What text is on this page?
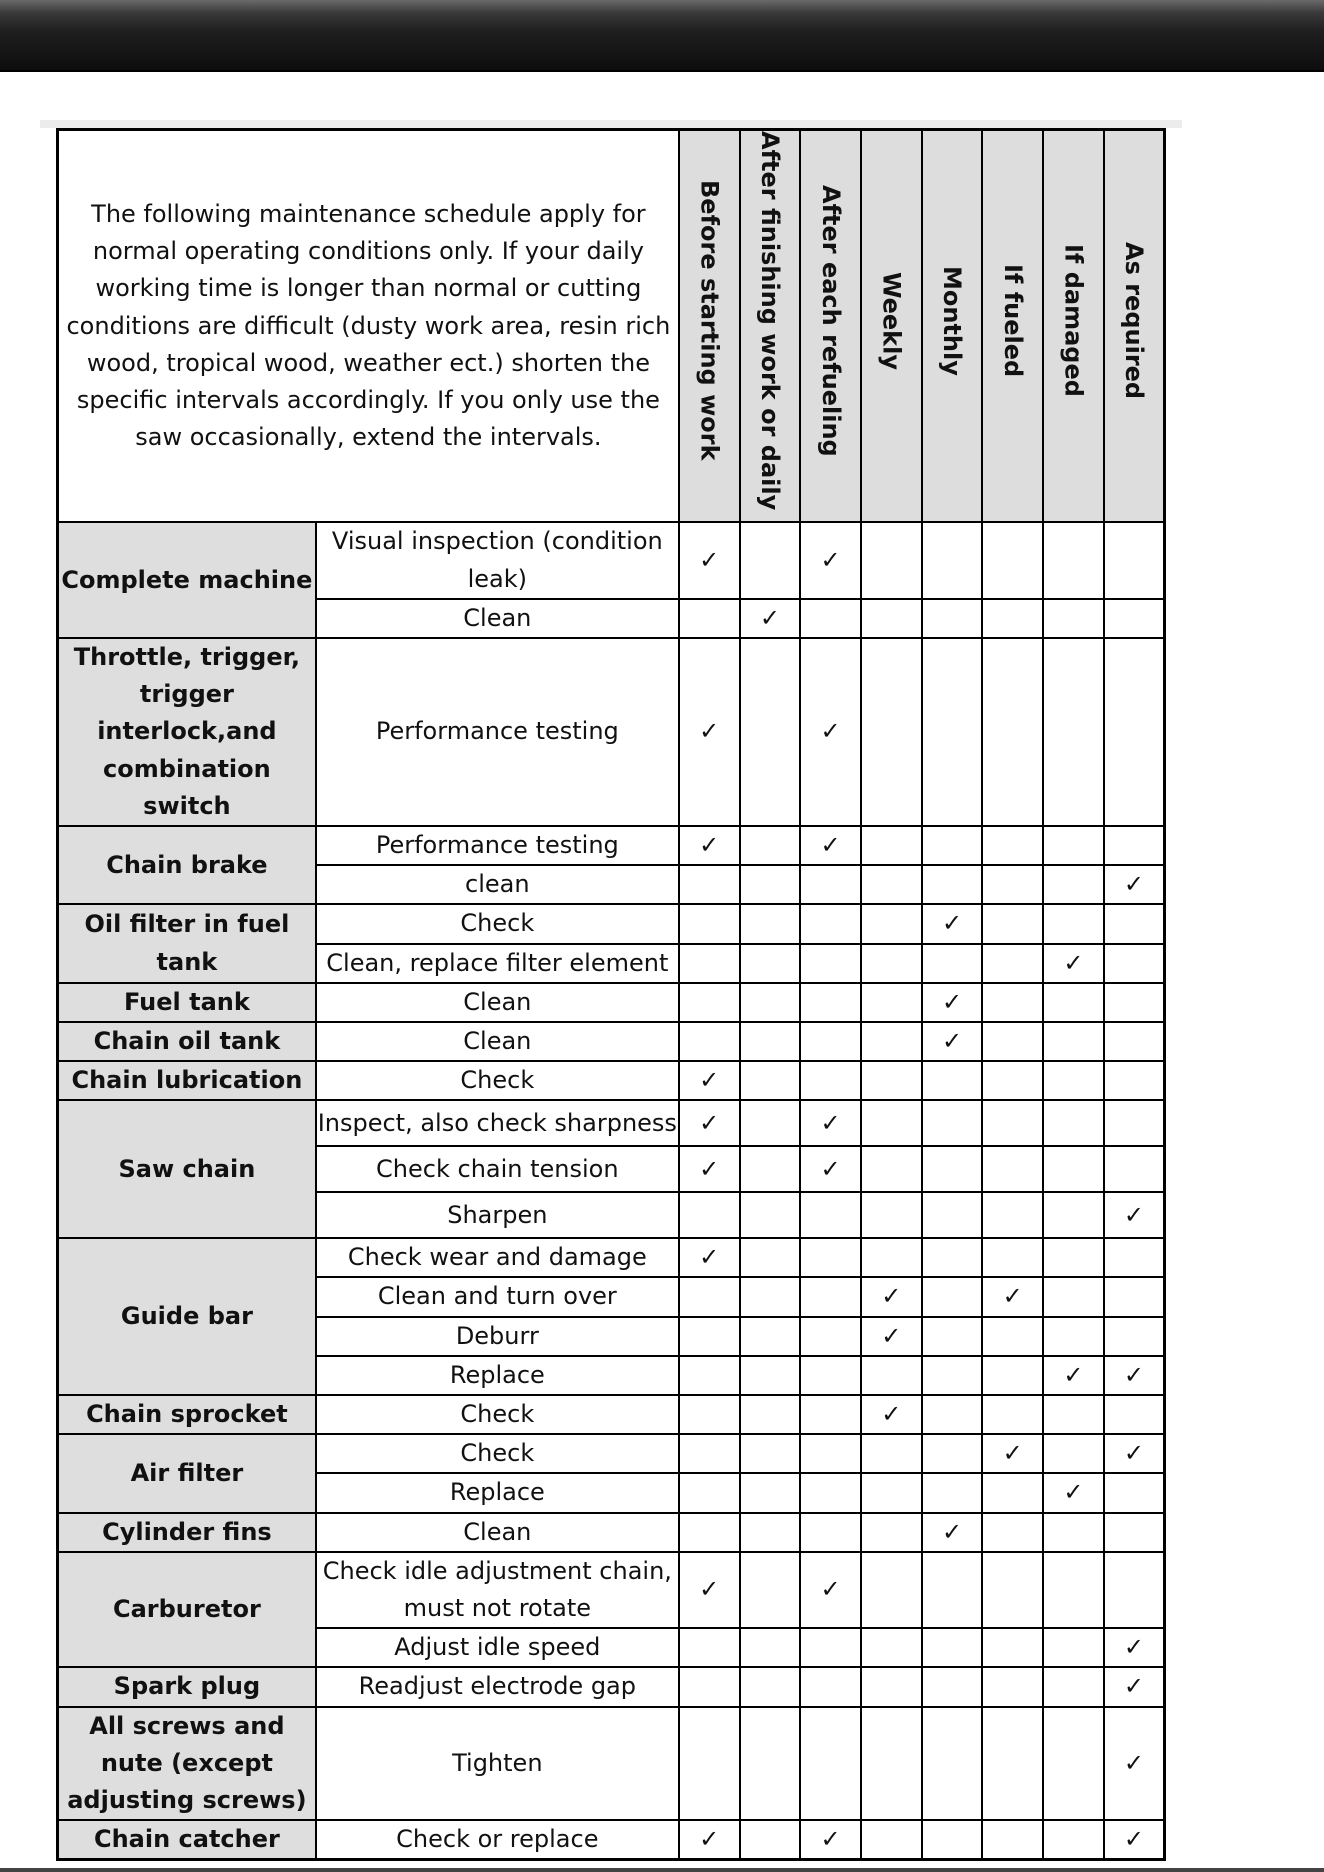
The following maintenance schedule apply for normal operating conditions only. If your daily working time is longer than normal or cutting conditions are difficult (dusty work area, resin rich wood, tropical wood, weather ect.) shorten the specific intervals accordingly. If you only use the saw occasionally, extend the intervals.		Before starting work	After finishing work or daily	After each refueling	Weekly	Monthly	If fueled	If damaged	As required
Complete machine	Visual inspection (condition leak)	✓		✓					
	Clean		✓						
Throttle, trigger, trigger interlock,and combination switch	Performance testing	✓		✓					
Chain brake	Performance testing	✓		✓					
	clean								✓
Oil filter in fuel tank	Check					✓			
	Clean, replace filter element							✓	
Fuel tank	Clean					✓			
Chain oil tank	Clean					✓			
Chain lubrication	Check	✓							
Saw chain	Inspect, also check sharpness	✓		✓					
	Check chain tension	✓		✓					
	Sharpen								✓
Guide bar	Check wear and damage	✓							
	Clean and turn over				✓		✓		
	Deburr				✓				
	Replace							✓	✓
Chain sprocket	Check				✓				
Air filter	Check						✓		✓
	Replace							✓	
Cylinder fins	Clean					✓			
Carburetor	Check idle adjustment chain, must not rotate	✓		✓					
	Adjust idle speed								✓
Spark plug	Readjust electrode gap								✓
All screws and nute (except adjusting screws)	Tighten								✓
Chain catcher	Check or replace	✓		✓					✓
